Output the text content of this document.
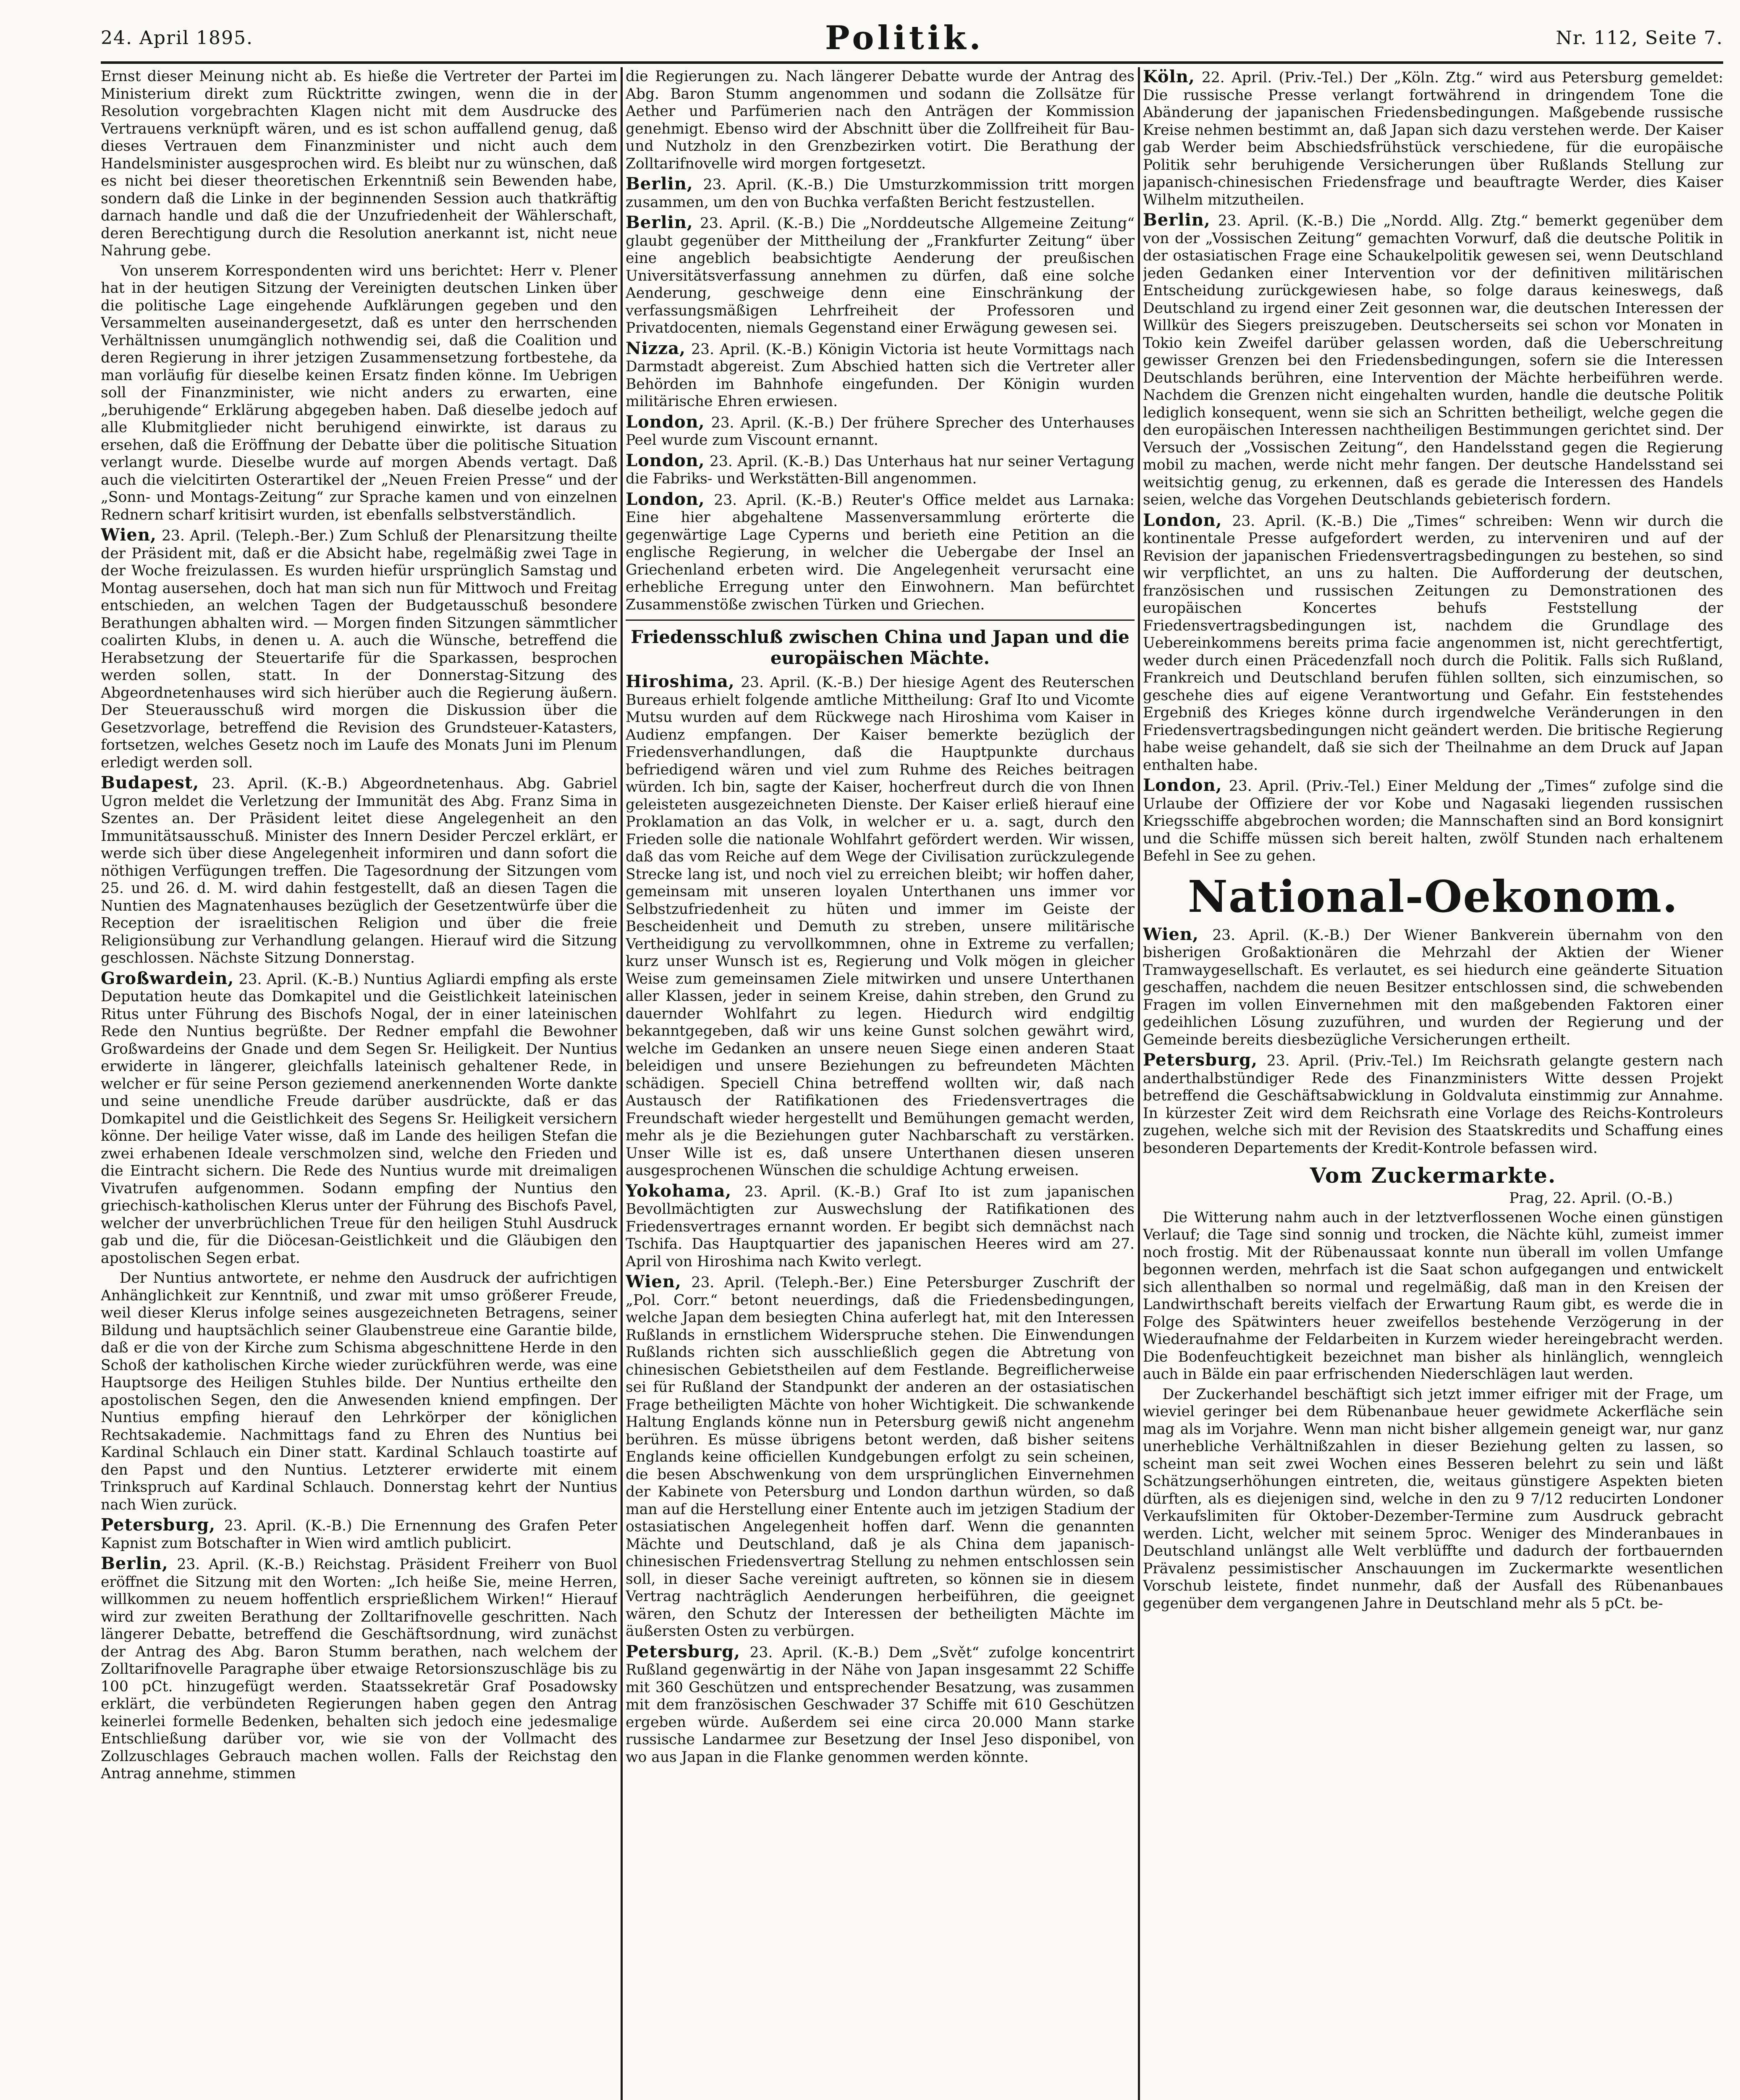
24. April 1895.	Politik.	Nr. 112, Seite 7.

Ernst dieser Meinung nicht ab. Es hieße die Vertreter der Partei im Ministerium direkt zum Rücktritte zwingen, wenn die in der Resolution vorgebrachten Klagen nicht mit dem Ausdrucke des Vertrauens verknüpft wären, und es ist schon auffallend genug, daß dieses Vertrauen dem Finanzminister und nicht auch dem Handelsminister ausgesprochen wird. Es bleibt nur zu wünschen, daß es nicht bei dieser theoretischen Erkenntniß sein Bewenden habe, sondern daß die Linke in der beginnenden Session auch thatkräftig darnach handle und daß die der Unzufriedenheit der Wählerschaft, deren Berechtigung durch die Resolution anerkannt ist, nicht neue Nahrung gebe.

Von unserem Korrespondenten wird uns berichtet: Herr v. Plener hat in der heutigen Sitzung der Vereinigten deutschen Linken über die politische Lage eingehende Aufklärungen gegeben und den Versammelten auseinandergesetzt, daß es unter den herrschenden Verhältnissen unumgänglich nothwendig sei, daß die Coalition und deren Regierung in ihrer jetzigen Zusammensetzung fortbestehe, da man vorläufig für dieselbe keinen Ersatz finden könne. Im Uebrigen soll der Finanzminister, wie nicht anders zu erwarten, eine „beruhigende“ Erklärung abgegeben haben. Daß dieselbe jedoch auf alle Klubmitglieder nicht beruhigend einwirkte, ist daraus zu ersehen, daß die Eröffnung der Debatte über die politische Situation verlangt wurde. Dieselbe wurde auf morgen Abends vertagt. Daß auch die vielcitirten Osterartikel der „Neuen Freien Presse“ und der „Sonn- und Montags-Zeitung“ zur Sprache kamen und von einzelnen Rednern scharf kritisirt wurden, ist ebenfalls selbstverständlich.

Wien, 23. April. (Teleph.-Ber.) Zum Schluß der Plenarsitzung theilte der Präsident mit, daß er die Absicht habe, regelmäßig zwei Tage in der Woche freizulassen. Es wurden hiefür ursprünglich Samstag und Montag ausersehen, doch hat man sich nun für Mittwoch und Freitag entschieden, an welchen Tagen der Budgetausschuß besondere Berathungen abhalten wird. — Morgen finden Sitzungen sämmtlicher coalirten Klubs, in denen u. A. auch die Wünsche, betreffend die Herabsetzung der Steuertarife für die Sparkassen, besprochen werden sollen, statt. In der Donnerstag-Sitzung des Abgeordnetenhauses wird sich hierüber auch die Regierung äußern. Der Steuerausschuß wird morgen die Diskussion über die Gesetzvorlage, betreffend die Revision des Grundsteuer-Katasters, fortsetzen, welches Gesetz noch im Laufe des Monats Juni im Plenum erledigt werden soll.

Budapest, 23. April. (K.-B.) Abgeordnetenhaus. Abg. Gabriel Ugron meldet die Verletzung der Immunität des Abg. Franz Sima in Szentes an. Der Präsident leitet diese Angelegenheit an den Immunitätsausschuß. Minister des Innern Desider Perczel erklärt, er werde sich über diese Angelegenheit informiren und dann sofort die nöthigen Verfügungen treffen. Die Tagesordnung der Sitzungen vom 25. und 26. d. M. wird dahin festgestellt, daß an diesen Tagen die Nuntien des Magnatenhauses bezüglich der Gesetzentwürfe über die Reception der israelitischen Religion und über die freie Religionsübung zur Verhandlung gelangen. Hierauf wird die Sitzung geschlossen. Nächste Sitzung Donnerstag.

Großwardein, 23. April. (K.-B.) Nuntius Agliardi empfing als erste Deputation heute das Domkapitel und die Geistlichkeit lateinischen Ritus unter Führung des Bischofs Nogal, der in einer lateinischen Rede den Nuntius begrüßte. Der Redner empfahl die Bewohner Großwardeins der Gnade und dem Segen Sr. Heiligkeit. Der Nuntius erwiderte in längerer, gleichfalls lateinisch gehaltener Rede, in welcher er für seine Person geziemend anerkennenden Worte dankte und seine unendliche Freude darüber ausdrückte, daß er das Domkapitel und die Geistlichkeit des Segens Sr. Heiligkeit versichern könne. Der heilige Vater wisse, daß im Lande des heiligen Stefan die zwei erhabenen Ideale verschmolzen sind, welche den Frieden und die Eintracht sichern. Die Rede des Nuntius wurde mit dreimaligen Vivatrufen aufgenommen. Sodann empfing der Nuntius den griechisch-katholischen Klerus unter der Führung des Bischofs Pavel, welcher der unverbrüchlichen Treue für den heiligen Stuhl Ausdruck gab und die, für die Diöcesan-Geistlichkeit und die Gläubigen den apostolischen Segen erbat.

Der Nuntius antwortete, er nehme den Ausdruck der aufrichtigen Anhänglichkeit zur Kenntniß, und zwar mit umso größerer Freude, weil dieser Klerus infolge seines ausgezeichneten Betragens, seiner Bildung und hauptsächlich seiner Glaubenstreue eine Garantie bilde, daß er die von der Kirche zum Schisma abgeschnittene Herde in den Schoß der katholischen Kirche wieder zurückführen werde, was eine Hauptsorge des Heiligen Stuhles bilde. Der Nuntius ertheilte den apostolischen Segen, den die Anwesenden kniend empfingen. Der Nuntius empfing hierauf den Lehrkörper der königlichen Rechtsakademie. Nachmittags fand zu Ehren des Nuntius bei Kardinal Schlauch ein Diner statt. Kardinal Schlauch toastirte auf den Papst und den Nuntius. Letzterer erwiderte mit einem Trinkspruch auf Kardinal Schlauch. Donnerstag kehrt der Nuntius nach Wien zurück.

Petersburg, 23. April. (K.-B.) Die Ernennung des Grafen Peter Kapnist zum Botschafter in Wien wird amtlich publicirt.

Berlin, 23. April. (K.-B.) Reichstag. Präsident Freiherr von Buol eröffnet die Sitzung mit den Worten: „Ich heiße Sie, meine Herren, willkommen zu neuem hoffentlich ersprießlichem Wirken!“ Hierauf wird zur zweiten Berathung der Zolltarifnovelle geschritten. Nach längerer Debatte, betreffend die Geschäftsordnung, wird zunächst der Antrag des Abg. Baron Stumm berathen, nach welchem der Zolltarifnovelle Paragraphe über etwaige Retorsionszuschläge bis zu 100 pCt. hinzugefügt werden. Staatssekretär Graf Posadowsky erklärt, die verbündeten Regierungen haben gegen den Antrag keinerlei formelle Bedenken, behalten sich jedoch eine jedesmalige Entschließung darüber vor, wie sie von der Vollmacht des Zollzuschlages Gebrauch machen wollen. Falls der Reichstag den Antrag annehme, stimmen

die Regierungen zu. Nach längerer Debatte wurde der Antrag des Abg. Baron Stumm angenommen und sodann die Zollsätze für Aether und Parfümerien nach den Anträgen der Kommission genehmigt. Ebenso wird der Abschnitt über die Zollfreiheit für Bau- und Nutzholz in den Grenzbezirken votirt. Die Berathung der Zolltarifnovelle wird morgen fortgesetzt.

Berlin, 23. April. (K.-B.) Die Umsturzkommission tritt morgen zusammen, um den von Buchka verfaßten Bericht festzustellen.

Berlin, 23. April. (K.-B.) Die „Norddeutsche Allgemeine Zeitung“ glaubt gegenüber der Mittheilung der „Frankfurter Zeitung“ über eine angeblich beabsichtigte Aenderung der preußischen Universitätsverfassung annehmen zu dürfen, daß eine solche Aenderung, geschweige denn eine Einschränkung der verfassungsmäßigen Lehrfreiheit der Professoren und Privatdocenten, niemals Gegenstand einer Erwägung gewesen sei.

Nizza, 23. April. (K.-B.) Königin Victoria ist heute Vormittags nach Darmstadt abgereist. Zum Abschied hatten sich die Vertreter aller Behörden im Bahnhofe eingefunden. Der Königin wurden militärische Ehren erwiesen.

London, 23. April. (K.-B.) Der frühere Sprecher des Unterhauses Peel wurde zum Viscount ernannt.

London, 23. April. (K.-B.) Das Unterhaus hat nur seiner Vertagung die Fabriks- und Werkstätten-Bill angenommen.

London, 23. April. (K.-B.) Reuter's Office meldet aus Larnaka: Eine hier abgehaltene Massenversammlung erörterte die gegenwärtige Lage Cyperns und berieth eine Petition an die englische Regierung, in welcher die Uebergabe der Insel an Griechenland erbeten wird. Die Angelegenheit verursacht eine erhebliche Erregung unter den Einwohnern. Man befürchtet Zusammenstöße zwischen Türken und Griechen.

Friedensschluß zwischen China und Japan und die europäischen Mächte.

Hiroshima, 23. April. (K.-B.) Der hiesige Agent des Reuterschen Bureaus erhielt folgende amtliche Mittheilung: Graf Ito und Vicomte Mutsu wurden auf dem Rückwege nach Hiroshima vom Kaiser in Audienz empfangen. Der Kaiser bemerkte bezüglich der Friedensverhandlungen, daß die Hauptpunkte durchaus befriedigend wären und viel zum Ruhme des Reiches beitragen würden. Ich bin, sagte der Kaiser, hocherfreut durch die von Ihnen geleisteten ausgezeichneten Dienste. Der Kaiser erließ hierauf eine Proklamation an das Volk, in welcher er u. a. sagt, durch den Frieden solle die nationale Wohlfahrt gefördert werden. Wir wissen, daß das vom Reiche auf dem Wege der Civilisation zurückzulegende Strecke lang ist, und noch viel zu erreichen bleibt; wir hoffen daher, gemeinsam mit unseren loyalen Unterthanen uns immer vor Selbstzufriedenheit zu hüten und immer im Geiste der Bescheidenheit und Demuth zu streben, unsere militärische Vertheidigung zu vervollkommnen, ohne in Extreme zu verfallen; kurz unser Wunsch ist es, Regierung und Volk mögen in gleicher Weise zum gemeinsamen Ziele mitwirken und unsere Unterthanen aller Klassen, jeder in seinem Kreise, dahin streben, den Grund zu dauernder Wohlfahrt zu legen. Hiedurch wird endgiltig bekanntgegeben, daß wir uns keine Gunst solchen gewährt wird, welche im Gedanken an unsere neuen Siege einen anderen Staat beleidigen und unsere Beziehungen zu befreundeten Mächten schädigen. Speciell China betreffend wollten wir, daß nach Austausch der Ratifikationen des Friedensvertrages die Freundschaft wieder hergestellt und Bemühungen gemacht werden, mehr als je die Beziehungen guter Nachbarschaft zu verstärken. Unser Wille ist es, daß unsere Unterthanen diesen unseren ausgesprochenen Wünschen die schuldige Achtung erweisen.

Yokohama, 23. April. (K.-B.) Graf Ito ist zum japanischen Bevollmächtigten zur Auswechslung der Ratifikationen des Friedensvertrages ernannt worden. Er begibt sich demnächst nach Tschifa. Das Hauptquartier des japanischen Heeres wird am 27. April von Hiroshima nach Kwito verlegt.

Wien, 23. April. (Teleph.-Ber.) Eine Petersburger Zuschrift der „Pol. Corr.“ betont neuerdings, daß die Friedensbedingungen, welche Japan dem besiegten China auferlegt hat, mit den Interessen Rußlands in ernstlichem Widerspruche stehen. Die Einwendungen Rußlands richten sich ausschließlich gegen die Abtretung von chinesischen Gebietstheilen auf dem Festlande. Begreiflicherweise sei für Rußland der Standpunkt der anderen an der ostasiatischen Frage betheiligten Mächte von hoher Wichtigkeit. Die schwankende Haltung Englands könne nun in Petersburg gewiß nicht angenehm berühren. Es müsse übrigens betont werden, daß bisher seitens Englands keine officiellen Kundgebungen erfolgt zu sein scheinen, die besen Abschwenkung von dem ursprünglichen Einvernehmen der Kabinete von Petersburg und London darthun würden, so daß man auf die Herstellung einer Entente auch im jetzigen Stadium der ostasiatischen Angelegenheit hoffen darf. Wenn die genannten Mächte und Deutschland, daß je als China dem japanisch-chinesischen Friedensvertrag Stellung zu nehmen entschlossen sein soll, in dieser Sache vereinigt auftreten, so können sie in diesem Vertrag nachträglich Aenderungen herbeiführen, die geeignet wären, den Schutz der Interessen der betheiligten Mächte im äußersten Osten zu verbürgen.

Petersburg, 23. April. (K.-B.) Dem „Svět“ zufolge koncentrirt Rußland gegenwärtig in der Nähe von Japan insgesammt 22 Schiffe mit 360 Geschützen und entsprechender Besatzung, was zusammen mit dem französischen Geschwader 37 Schiffe mit 610 Geschützen ergeben würde. Außerdem sei eine circa 20.000 Mann starke russische Landarmee zur Besetzung der Insel Jeso disponibel, von wo aus Japan in die Flanke genommen werden könnte.

Köln, 22. April. (Priv.-Tel.) Der „Köln. Ztg.“ wird aus Petersburg gemeldet: Die russische Presse verlangt fortwährend in dringendem Tone die Abänderung der japanischen Friedensbedingungen. Maßgebende russische Kreise nehmen bestimmt an, daß Japan sich dazu verstehen werde. Der Kaiser gab Werder beim Abschiedsfrühstück verschiedene, für die europäische Politik sehr beruhigende Versicherungen über Rußlands Stellung zur japanisch-chinesischen Friedensfrage und beauftragte Werder, dies Kaiser Wilhelm mitzutheilen.

Berlin, 23. April. (K.-B.) Die „Nordd. Allg. Ztg.“ bemerkt gegenüber dem von der „Vossischen Zeitung“ gemachten Vorwurf, daß die deutsche Politik in der ostasiatischen Frage eine Schaukelpolitik gewesen sei, wenn Deutschland jeden Gedanken einer Intervention vor der definitiven militärischen Entscheidung zurückgewiesen habe, so folge daraus keineswegs, daß Deutschland zu irgend einer Zeit gesonnen war, die deutschen Interessen der Willkür des Siegers preiszugeben. Deutscherseits sei schon vor Monaten in Tokio kein Zweifel darüber gelassen worden, daß die Ueberschreitung gewisser Grenzen bei den Friedensbedingungen, sofern sie die Interessen Deutschlands berühren, eine Intervention der Mächte herbeiführen werde. Nachdem die Grenzen nicht eingehalten wurden, handle die deutsche Politik lediglich konsequent, wenn sie sich an Schritten betheiligt, welche gegen die den europäischen Interessen nachtheiligen Bestimmungen gerichtet sind. Der Versuch der „Vossischen Zeitung“, den Handelsstand gegen die Regierung mobil zu machen, werde nicht mehr fangen. Der deutsche Handelsstand sei weitsichtig genug, zu erkennen, daß es gerade die Interessen des Handels seien, welche das Vorgehen Deutschlands gebieterisch fordern.

London, 23. April. (K.-B.) Die „Times“ schreiben: Wenn wir durch die kontinentale Presse aufgefordert werden, zu interveniren und auf der Revision der japanischen Friedensvertragsbedingungen zu bestehen, so sind wir verpflichtet, an uns zu halten. Die Aufforderung der deutschen, französischen und russischen Zeitungen zu Demonstrationen des europäischen Koncertes behufs Feststellung der Friedensvertragsbedingungen ist, nachdem die Grundlage des Uebereinkommens bereits prima facie angenommen ist, nicht gerechtfertigt, weder durch einen Präcedenzfall noch durch die Politik. Falls sich Rußland, Frankreich und Deutschland berufen fühlen sollten, sich einzumischen, so geschehe dies auf eigene Verantwortung und Gefahr. Ein feststehendes Ergebniß des Krieges könne durch irgendwelche Veränderungen in den Friedensvertragsbedingungen nicht geändert werden. Die britische Regierung habe weise gehandelt, daß sie sich der Theilnahme an dem Druck auf Japan enthalten habe.

London, 23. April. (Priv.-Tel.) Einer Meldung der „Times“ zufolge sind die Urlaube der Offiziere der vor Kobe und Nagasaki liegenden russischen Kriegsschiffe abgebrochen worden; die Mannschaften sind an Bord konsignirt und die Schiffe müssen sich bereit halten, zwölf Stunden nach erhaltenem Befehl in See zu gehen.

National-Oekonom.

Wien, 23. April. (K.-B.) Der Wiener Bankverein übernahm von den bisherigen Großaktionären die Mehrzahl der Aktien der Wiener Tramwaygesellschaft. Es verlautet, es sei hiedurch eine geänderte Situation geschaffen, nachdem die neuen Besitzer entschlossen sind, die schwebenden Fragen im vollen Einvernehmen mit den maßgebenden Faktoren einer gedeihlichen Lösung zuzuführen, und wurden der Regierung und der Gemeinde bereits diesbezügliche Versicherungen ertheilt.

Petersburg, 23. April. (Priv.-Tel.) Im Reichsrath gelangte gestern nach anderthalbstündiger Rede des Finanzministers Witte dessen Projekt betreffend die Geschäftsabwicklung in Goldvaluta einstimmig zur Annahme. In kürzester Zeit wird dem Reichsrath eine Vorlage des Reichs-Kontroleurs zugehen, welche sich mit der Revision des Staatskredits und Schaffung eines besonderen Departements der Kredit-Kontrole befassen wird.

Vom Zuckermarkte.

Prag, 22. April. (O.-B.)

Die Witterung nahm auch in der letztverflossenen Woche einen günstigen Verlauf; die Tage sind sonnig und trocken, die Nächte kühl, zumeist immer noch frostig. Mit der Rübenaussaat konnte nun überall im vollen Umfange begonnen werden, mehrfach ist die Saat schon aufgegangen und entwickelt sich allenthalben so normal und regelmäßig, daß man in den Kreisen der Landwirthschaft bereits vielfach der Erwartung Raum gibt, es werde die in Folge des Spätwinters heuer zweifellos bestehende Verzögerung in der Wiederaufnahme der Feldarbeiten in Kurzem wieder hereingebracht werden. Die Bodenfeuchtigkeit bezeichnet man bisher als hinlänglich, wenngleich auch in Bälde ein paar erfrischenden Niederschlägen laut werden.

Der Zuckerhandel beschäftigt sich jetzt immer eifriger mit der Frage, um wieviel geringer bei dem Rübenanbaue heuer gewidmete Ackerfläche sein mag als im Vorjahre. Wenn man nicht bisher allgemein geneigt war, nur ganz unerhebliche Verhältnißzahlen in dieser Beziehung gelten zu lassen, so scheint man seit zwei Wochen eines Besseren belehrt zu sein und läßt Schätzungserhöhungen eintreten, die, weitaus günstigere Aspekten bieten dürften, als es diejenigen sind, welche in den zu 9 7/12 reducirten Londoner Verkaufslimiten für Oktober-Dezember-Termine zum Ausdruck gebracht werden. Licht, welcher mit seinem 5proc. Weniger des Minderanbaues in Deutschland unlängst alle Welt verblüffte und dadurch der fortbauernden Prävalenz pessimistischer Anschauungen im Zuckermarkte wesentlichen Vorschub leistete, findet nunmehr, daß der Ausfall des Rübenanbaues gegenüber dem vergangenen Jahre in Deutschland mehr als 5 pCt. be-
